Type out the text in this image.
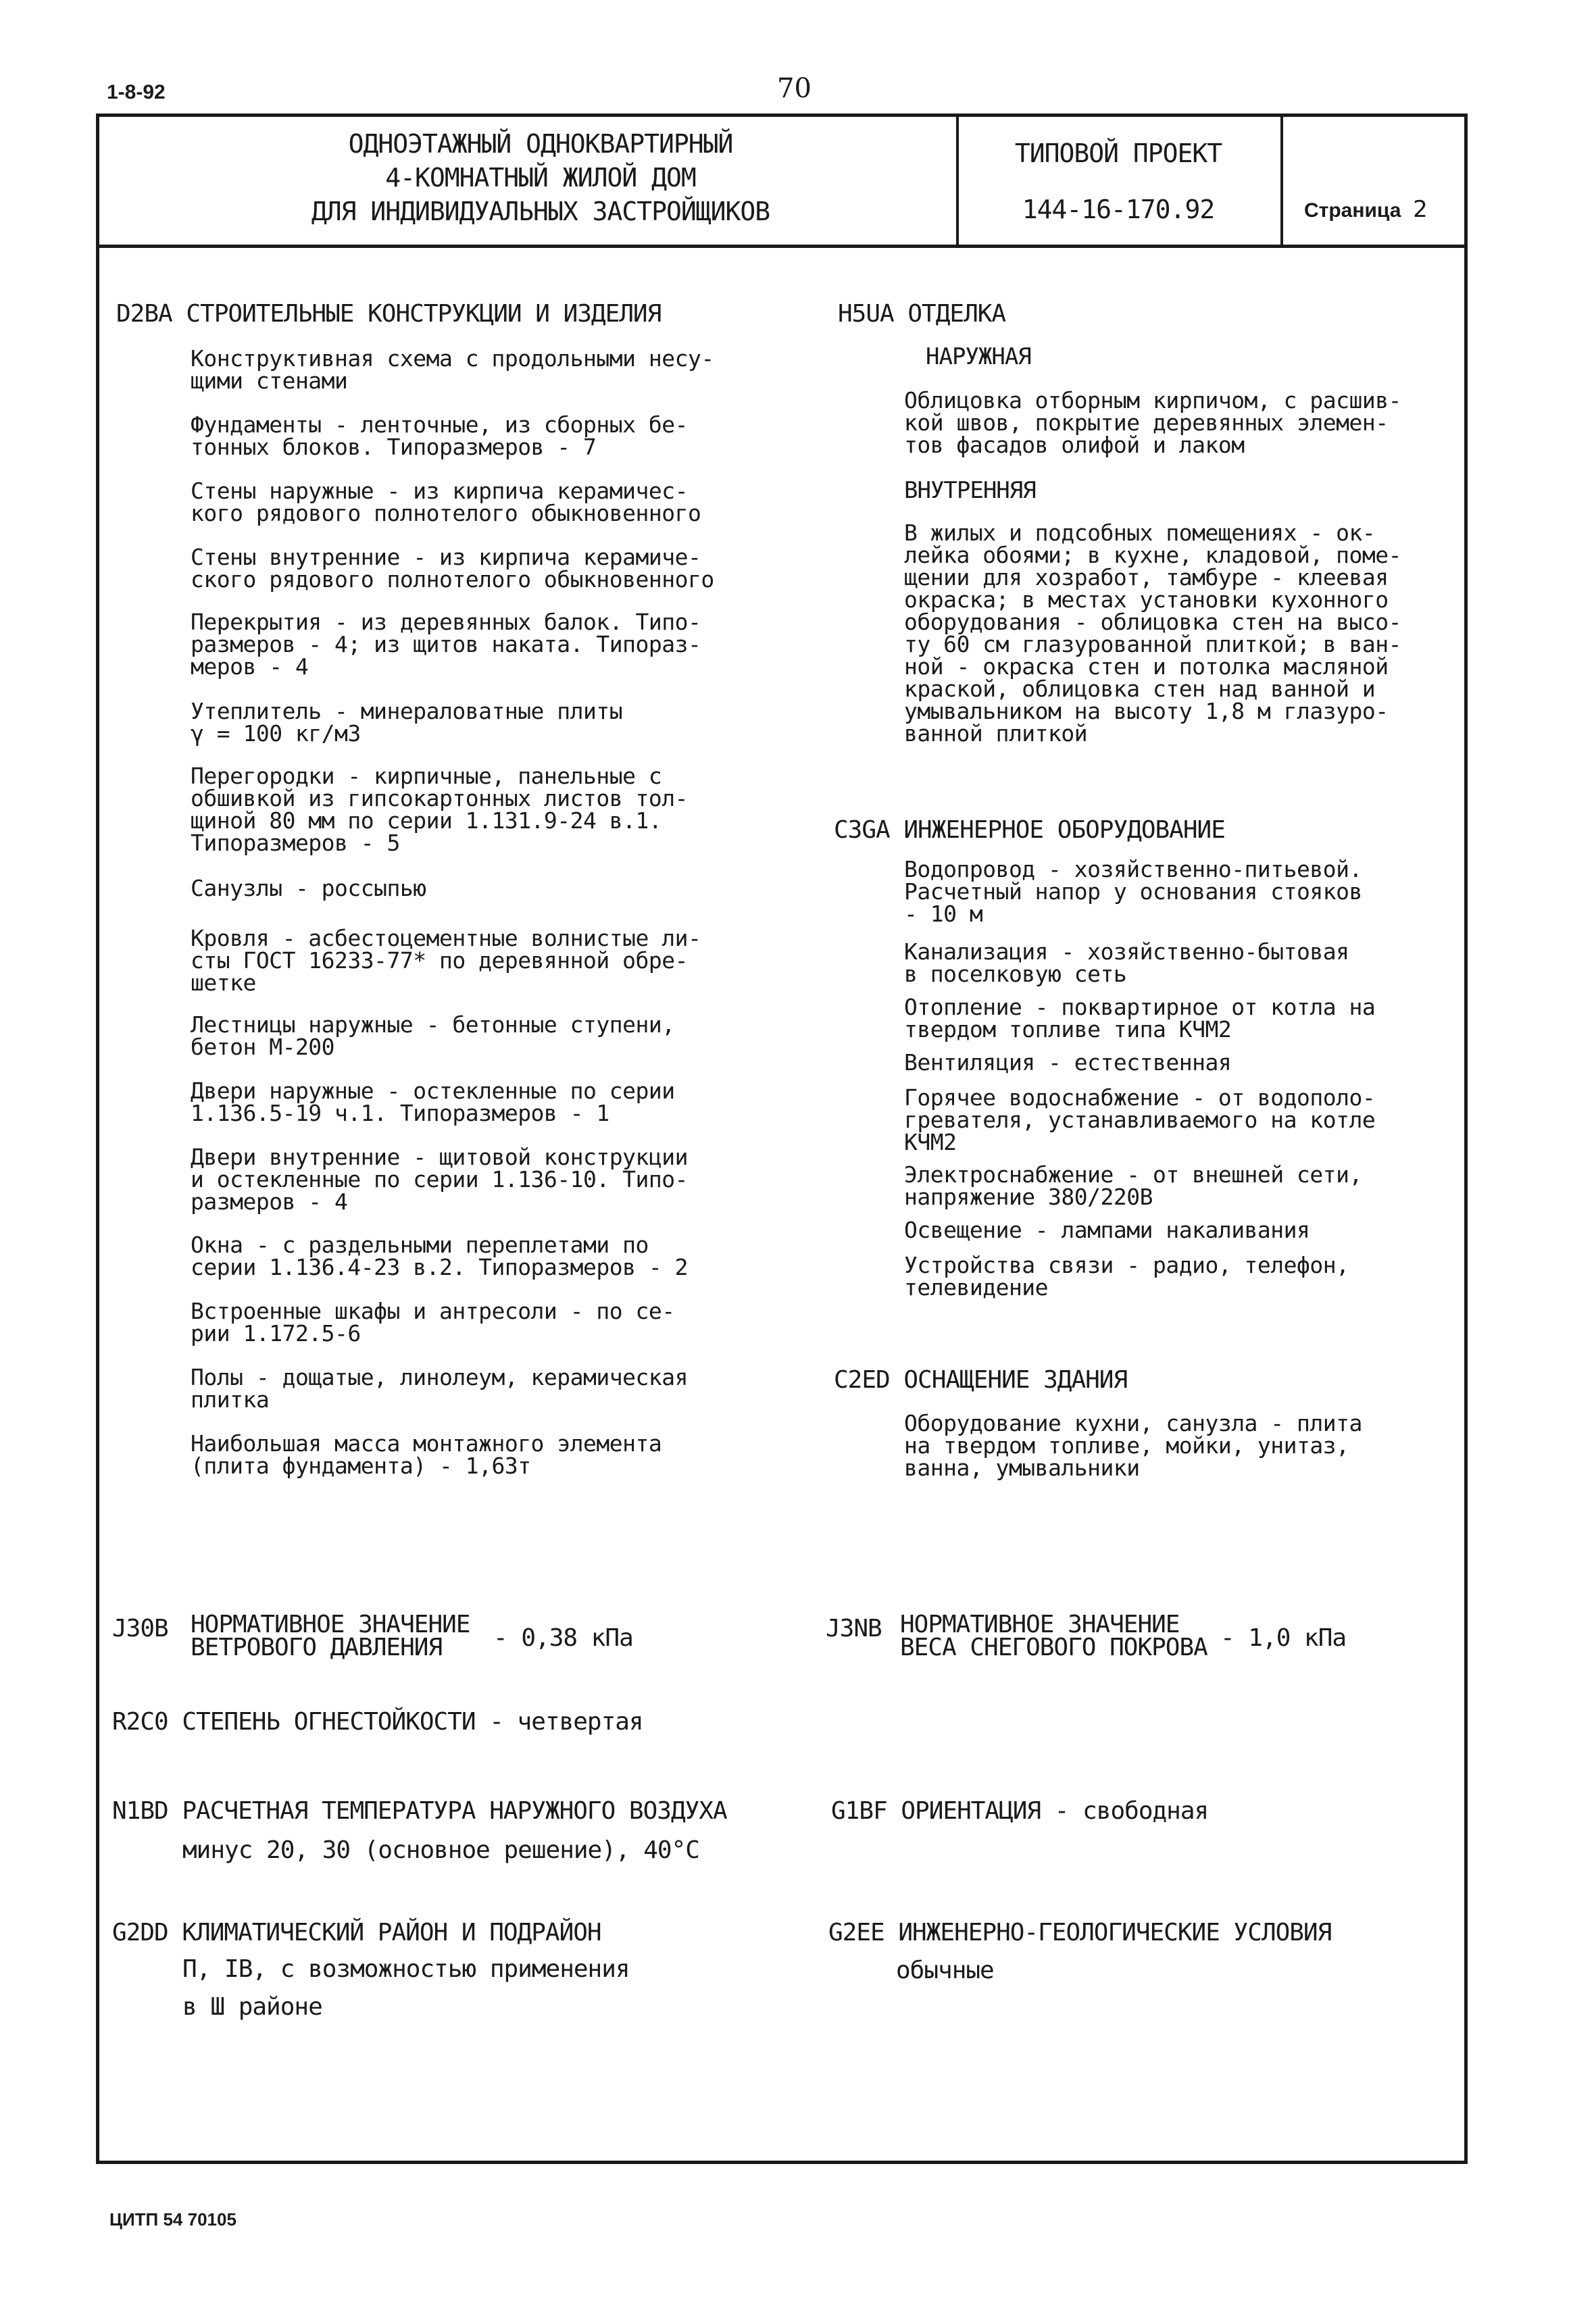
1-8-92	70
ОДНОЭТАЖНЫЙ ОДНОКВАРТИРНЫЙ
4-КОМНАТНЫЙ ЖИЛОЙ ДОМ
ДЛЯ ИНДИВИДУАЛЬНЫХ ЗАСТРОЙЩИКОВ
ТИПОВОЙ ПРОЕКТ
144-16-170.92	Страница 2
D2BA СТРОИТЕЛЬНЫЕ КОНСТРУКЦИИ И ИЗДЕЛИЯ
Конструктивная схема с продольными несу-
щими стенами
Фундаменты - ленточные, из сборных бе-
тонных блоков. Типоразмеров - 7
Стены наружные - из кирпича керамичес-
кого рядового полнотелого обыкновенного
Стены внутренние - из кирпича керамиче-
ского рядового полнотелого обыкновенного
Перекрытия - из деревянных балок. Типо-
размеров - 4; из щитов наката. Типораз-
меров - 4
Утеплитель - минераловатные плиты
γ = 100 кг/м3
Перегородки - кирпичные, панельные с
обшивкой из гипсокартонных листов тол-
щиной 80 мм по серии 1.131.9-24 в.1.
Типоразмеров - 5
Санузлы - россыпью
Кровля - асбестоцементные волнистые ли-
сты ГОСТ 16233-77* по деревянной обре-
шетке
Лестницы наружные - бетонные ступени,
бетон М-200
Двери наружные - остекленные по серии
1.136.5-19 ч.1. Типоразмеров - 1
Двери внутренние - щитовой конструкции
и остекленные по серии 1.136-10. Типо-
размеров - 4
Окна - с раздельными переплетами по
серии 1.136.4-23 в.2. Типоразмеров - 2
Встроенные шкафы и антресоли - по се-
рии 1.172.5-6
Полы - дощатые, линолеум, керамическая
плитка
Наибольшая масса монтажного элемента
(плита фундамента) - 1,63т
H5UA ОТДЕЛКА
НАРУЖНАЯ
Облицовка отборным кирпичом, с расшив-
кой швов, покрытие деревянных элемен-
тов фасадов олифой и лаком
ВНУТРЕННЯЯ
В жилых и подсобных помещениях - ок-
лейка обоями; в кухне, кладовой, поме-
щении для хозработ, тамбуре - клеевая
окраска; в местах установки кухонного
оборудования - облицовка стен на высо-
ту 60 см глазурованной плиткой; в ван-
ной - окраска стен и потолка масляной
краской, облицовка стен над ванной и
умывальником на высоту 1,8 м глазуро-
ванной плиткой
C3GA ИНЖЕНЕРНОЕ ОБОРУДОВАНИЕ
Водопровод - хозяйственно-питьевой.
Расчетный напор у основания стояков
- 10 м
Канализация - хозяйственно-бытовая
в поселковую сеть
Отопление - поквартирное от котла на
твердом топливе типа КЧМ2
Вентиляция - естественная
Горячее водоснабжение - от водополо-
гревателя, устанавливаемого на котле
КЧМ2
Электроснабжение - от внешней сети,
напряжение 380/220В
Освещение - лампами накаливания
Устройства связи - радио, телефон,
телевидение
C2ED ОСНАЩЕНИЕ ЗДАНИЯ
Оборудование кухни, санузла - плита
на твердом топливе, мойки, унитаз,
ванна, умывальники
J30B НОРМАТИВНОЕ ЗНАЧЕНИЕ
ВЕТРОВОГО ДАВЛЕНИЯ	- 0,38 кПа	J3NB НОРМАТИВНОЕ ЗНАЧЕНИЕ
ВЕСА СНЕГОВОГО ПОКРОВА - 1,0 кПа
R2C0 СТЕПЕНЬ ОГНЕСТОЙКОСТИ - четвертая
N1BD РАСЧЕТНАЯ ТЕМПЕРАТУРА НАРУЖНОГО ВОЗДУХА
минус 20, 30 (основное решение), 40°С
G1BF ОРИЕНТАЦИЯ - свободная
G2DD КЛИМАТИЧЕСКИЙ РАЙОН И ПОДРАЙОН
П, IВ, с возможностью применения
в Ш районе
G2EE ИНЖЕНЕРНО-ГЕОЛОГИЧЕСКИЕ УСЛОВИЯ
обычные
ЦИТП 54 70105
